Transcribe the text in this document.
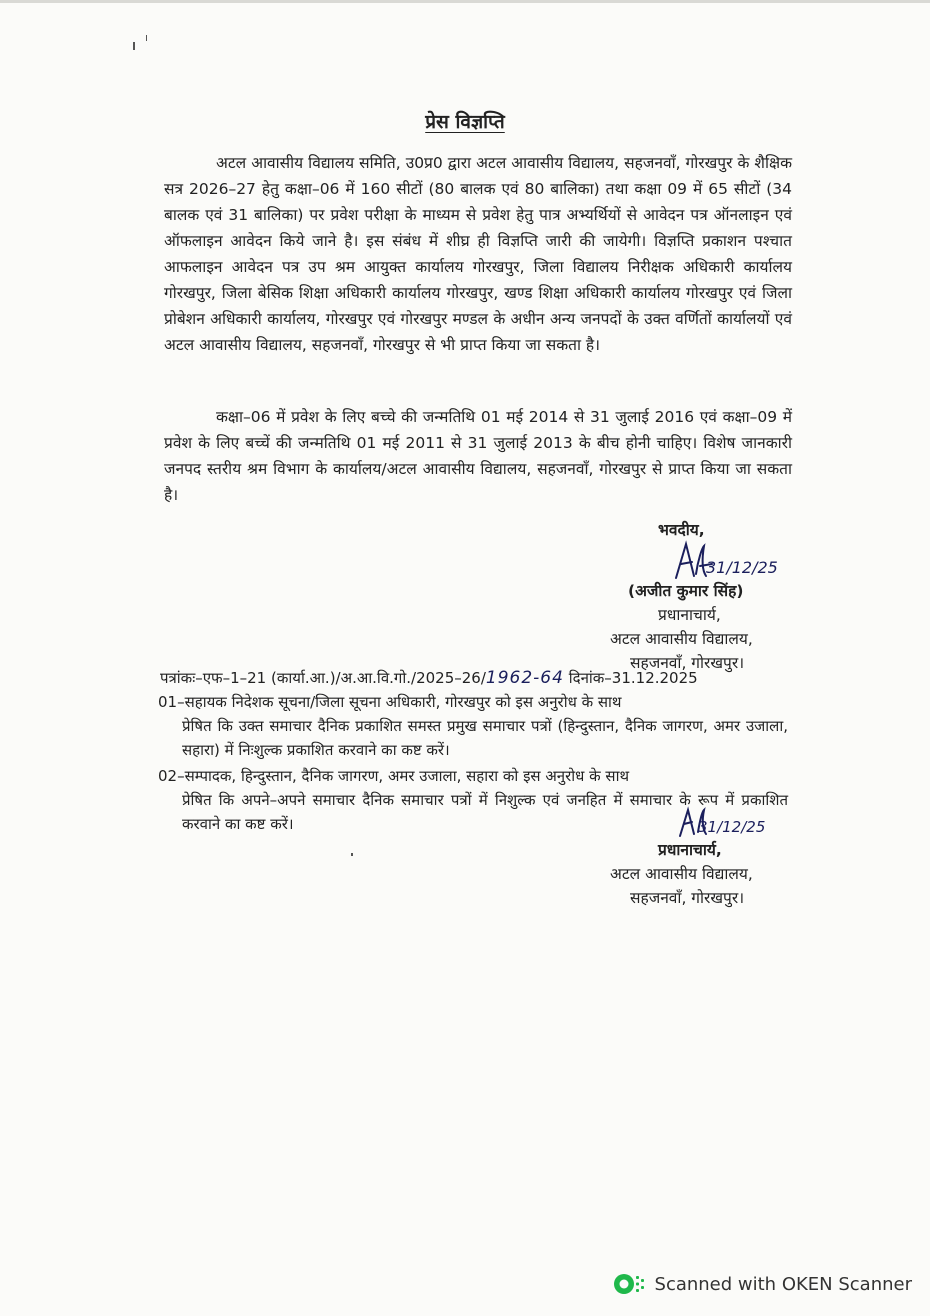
प्रेस विज्ञप्ति

अटल आवासीय विद्यालय समिति, उ0प्र0 द्वारा अटल आवासीय विद्यालय, सहजनवाँ, गोरखपुर के शैक्षिक सत्र 2026–27 हेतु कक्षा–06 में 160 सीटों (80 बालक एवं 80 बालिका) तथा कक्षा 09 में 65 सीटों (34 बालक एवं 31 बालिका) पर प्रवेश परीक्षा के माध्यम से प्रवेश हेतु पात्र अभ्यर्थियों से आवेदन पत्र ऑनलाइन एवं ऑफलाइन आवेदन किये जाने है। इस संबंध में शीघ्र ही विज्ञप्ति जारी की जायेगी। विज्ञप्ति प्रकाशन पश्चात आफलाइन आवेदन पत्र उप श्रम आयुक्त कार्यालय गोरखपुर, जिला विद्यालय निरीक्षक अधिकारी कार्यालय गोरखपुर, जिला बेसिक शिक्षा अधिकारी कार्यालय गोरखपुर, खण्ड शिक्षा अधिकारी कार्यालय गोरखपुर एवं जिला प्रोबेशन अधिकारी कार्यालय, गोरखपुर एवं गोरखपुर मण्डल के अधीन अन्य जनपदों के उक्त वर्णितों कार्यालयों एवं अटल आवासीय विद्यालय, सहजनवाँ, गोरखपुर से भी प्राप्त किया जा सकता है।

कक्षा–06 में प्रवेश के लिए बच्चे की जन्मतिथि 01 मई 2014 से 31 जुलाई 2016 एवं कक्षा–09 में प्रवेश के लिए बच्चें की जन्मतिथि 01 मई 2011 से 31 जुलाई 2013 के बीच होनी चाहिए। विशेष जानकारी जनपद स्तरीय श्रम विभाग के कार्यालय/अटल आवासीय विद्यालय, सहजनवाँ, गोरखपुर से प्राप्त किया जा सकता है।

भवदीय,
31/12/25
(अजीत कुमार सिंह)
प्रधानाचार्य,
अटल आवासीय विद्यालय,
सहजनवाँ, गोरखपुर।
पत्रांकः–एफ–1–21 (कार्या.आ.)/अ.आ.वि.गो./2025–26/1962-64 दिनांक–31.12.2025

01–सहायक निदेशक सूचना/जिला सूचना अधिकारी, गोरखपुर को इस अनुरोध के साथ
प्रेषित कि उक्त समाचार दैनिक प्रकाशित समस्त प्रमुख समाचार पत्रों (हिन्दुस्तान, दैनिक जागरण, अमर उजाला, सहारा) में निःशुल्क प्रकाशित करवाने का कष्ट करें।

02–सम्पादक, हिन्दुस्तान, दैनिक जागरण, अमर उजाला, सहारा को इस अनुरोध के साथ
प्रेषित कि अपने–अपने समाचार दैनिक समाचार पत्रों में निशुल्क एवं जनहित में समाचार के रूप में प्रकाशित करवाने का कष्ट करें।	31/12/25
प्रधानाचार्य,
अटल आवासीय विद्यालय,
सहजनवाँ, गोरखपुर।
Scanned with OKEN Scanner
